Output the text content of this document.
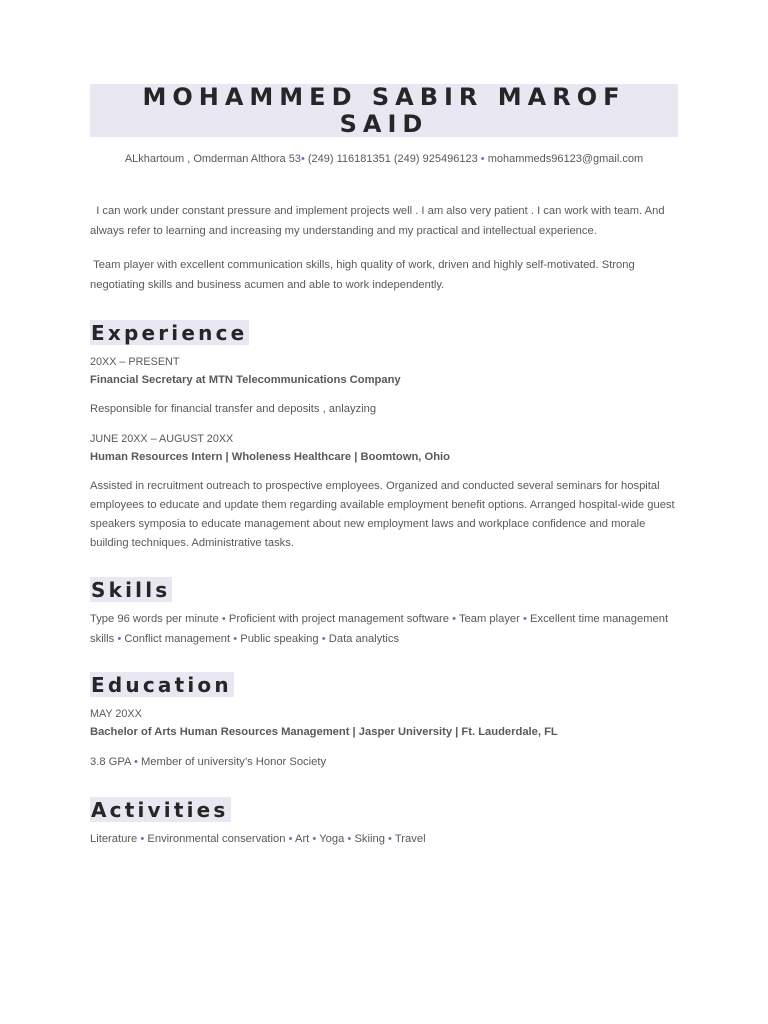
MOHAMMED SABIR MAROF
SAID
ALkhartoum , Omderman Althora 53• (249) 116181351 (249) 925496123 • mohammeds96123@gmail.com

I can work under constant pressure and implement projects well . I am also very patient . I can work with team. And always refer to learning and increasing my understanding and my practical and intellectual experience.

Team player with excellent communication skills, high quality of work, driven and highly self-motivated. Strong negotiating skills and business acumen and able to work independently.

Experience
20XX – PRESENT
Financial Secretary at MTN Telecommunications Company
Responsible for financial transfer and deposits , anlayzing
JUNE 20XX – AUGUST 20XX
Human Resources Intern | Wholeness Healthcare | Boomtown, Ohio
Assisted in recruitment outreach to prospective employees. Organized and conducted several seminars for hospital employees to educate and update them regarding available employment benefit options. Arranged hospital-wide guest speakers symposia to educate management about new employment laws and workplace confidence and morale building techniques. Administrative tasks.
Skills
Type 96 words per minute • Proficient with project management software • Team player • Excellent time management skills • Conflict management • Public speaking • Data analytics
Education
MAY 20XX
Bachelor of Arts Human Resources Management | Jasper University | Ft. Lauderdale, FL
3.8 GPA • Member of university’s Honor Society
Activities
Literature • Environmental conservation • Art • Yoga • Skiing • Travel
